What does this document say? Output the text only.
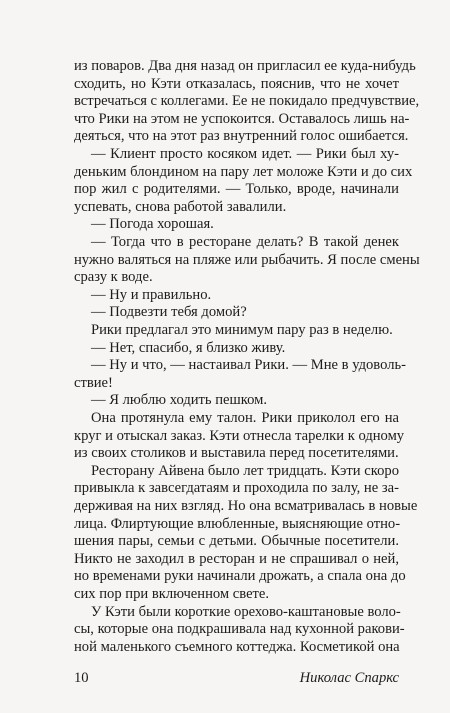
из поваров. Два дня назад он пригласил ее куда-нибудь
сходить, но Кэти отказалась, пояснив, что не хочет
встречаться с коллегами. Ее не покидало предчувствие,
что Рики на этом не успокоится. Оставалось лишь на-
деяться, что на этот раз внутренний голос ошибается.
— Клиент просто косяком идет. — Рики был ху-
деньким блондином на пару лет моложе Кэти и до сих
пор жил с родителями. — Только, вроде, начинали
успевать, снова работой завалили.
— Погода хорошая.
— Тогда что в ресторане делать? В такой денек
нужно валяться на пляже или рыбачить. Я после смены
сразу к воде.
— Ну и правильно.
— Подвезти тебя домой?
Рики предлагал это минимум пару раз в неделю.
— Нет, спасибо, я близко живу.
— Ну и что, — настаивал Рики. — Мне в удоволь-
ствие!
— Я люблю ходить пешком.
Она протянула ему талон. Рики приколол его на
круг и отыскал заказ. Кэти отнесла тарелки к одному
из своих столиков и выставила перед посетителями.
Ресторану Айвена было лет тридцать. Кэти скоро
привыкла к завсегдатаям и проходила по залу, не за-
держивая на них взгляд. Но она всматривалась в новые
лица. Флиртующие влюбленные, выясняющие отно-
шения пары, семьи с детьми. Обычные посетители.
Никто не заходил в ресторан и не спрашивал о ней,
но временами руки начинали дрожать, а спала она до
сих пор при включенном свете.
У Кэти были короткие орехово-каштановые воло-
сы, которые она подкрашивала над кухонной ракови-
ной маленького съемного коттеджа. Косметикой она
10	Николас Спаркс
